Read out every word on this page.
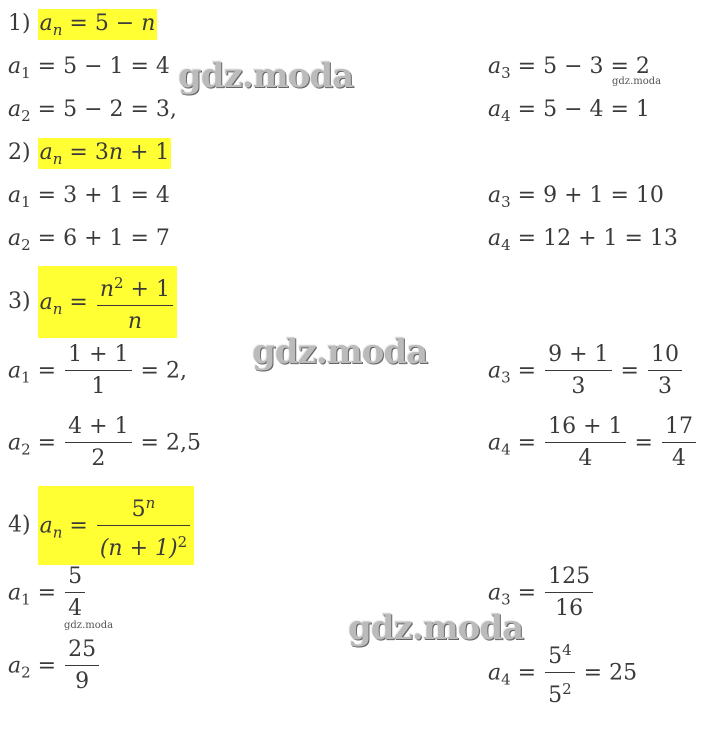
1) $a_n = 5 - n$
$a_1 = 5 - 1 = 4$
$a_2 = 5 - 2 = 3$,
$a_3 = 5 - 3 = 2$
$a_4 = 5 - 4 = 1$
2) $a_n = 3n + 1$
$a_1 = 3 + 1 = 4$
$a_2 = 6 + 1 = 7$
$a_3 = 9 + 1 = 10$
$a_4 = 12 + 1 = 13$
3) $a_n = \frac{n^2 + 1}{n}$
$a_1 = \frac{1 + 1}{1} = 2$,
$a_2 = \frac{4 + 1}{2} = 2,5$
$a_3 = \frac{9 + 1}{3} = \frac{10}{3}$
$a_4 = \frac{16 + 1}{4} = \frac{17}{4}$
4) $a_n = \frac{5^n}{(n + 1)^2}$
$a_1 = \frac{5}{4}$
$a_2 = \frac{25}{9}$
$a_3 = \frac{125}{16}$
$a_4 = \frac{5^4}{5^2} = 25$
gdz.moda
gdz.moda
gdz.moda
gdz.moda
gdz.moda
